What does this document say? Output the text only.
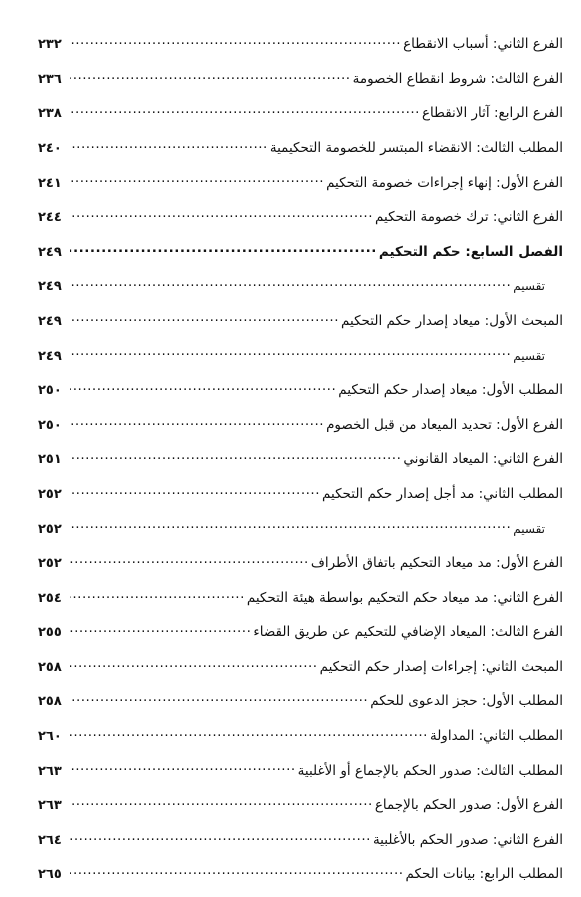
الفرع الثاني: أسباب الانقطاع
.....
٢٣٢
الفرع الثالث: شروط انقطاع الخصومة
.....
٢٣٦
الفرع الرابع: آثار الانقطاع
.....
٢٣٨
المطلب الثالث: الانقضاء المبتسر للخصومة التحكيمية
.....
٢٤٠
الفرع الأول: إنهاء إجراءات خصومة التحكيم
.....
٢٤١
الفرع الثاني: ترك خصومة التحكيم
.....
٢٤٤
الفصل السابع: حكم التحكيم
.....
٢٤٩
تقسيم
.....
٢٤٩
المبحث الأول: ميعاد إصدار حكم التحكيم
.....
٢٤٩
تقسيم
.....
٢٤٩
المطلب الأول: ميعاد إصدار حكم التحكيم
.....
٢٥٠
الفرع الأول: تحديد الميعاد من قبل الخصوم
.....
٢٥٠
الفرع الثاني: الميعاد القانوني
.....
٢٥١
المطلب الثاني: مد أجل إصدار حكم التحكيم
.....
٢٥٢
تقسيم
.....
٢٥٢
الفرع الأول: مد ميعاد التحكيم باتفاق الأطراف
.....
٢٥٢
الفرع الثاني: مد ميعاد حكم التحكيم بواسطة هيئة التحكيم
.....
٢٥٤
الفرع الثالث: الميعاد الإضافي للتحكيم عن طريق القضاء
.....
٢٥٥
المبحث الثاني: إجراءات إصدار حكم التحكيم
.....
٢٥٨
المطلب الأول: حجز الدعوى للحكم
.....
٢٥٨
المطلب الثاني: المداولة
.....
٢٦٠
المطلب الثالث: صدور الحكم بالإجماع أو الأغلبية
.....
٢٦٣
الفرع الأول: صدور الحكم بالإجماع
.....
٢٦٣
الفرع الثاني: صدور الحكم بالأغلبية
.....
٢٦٤
المطلب الرابع: بيانات الحكم
.....
٢٦٥
